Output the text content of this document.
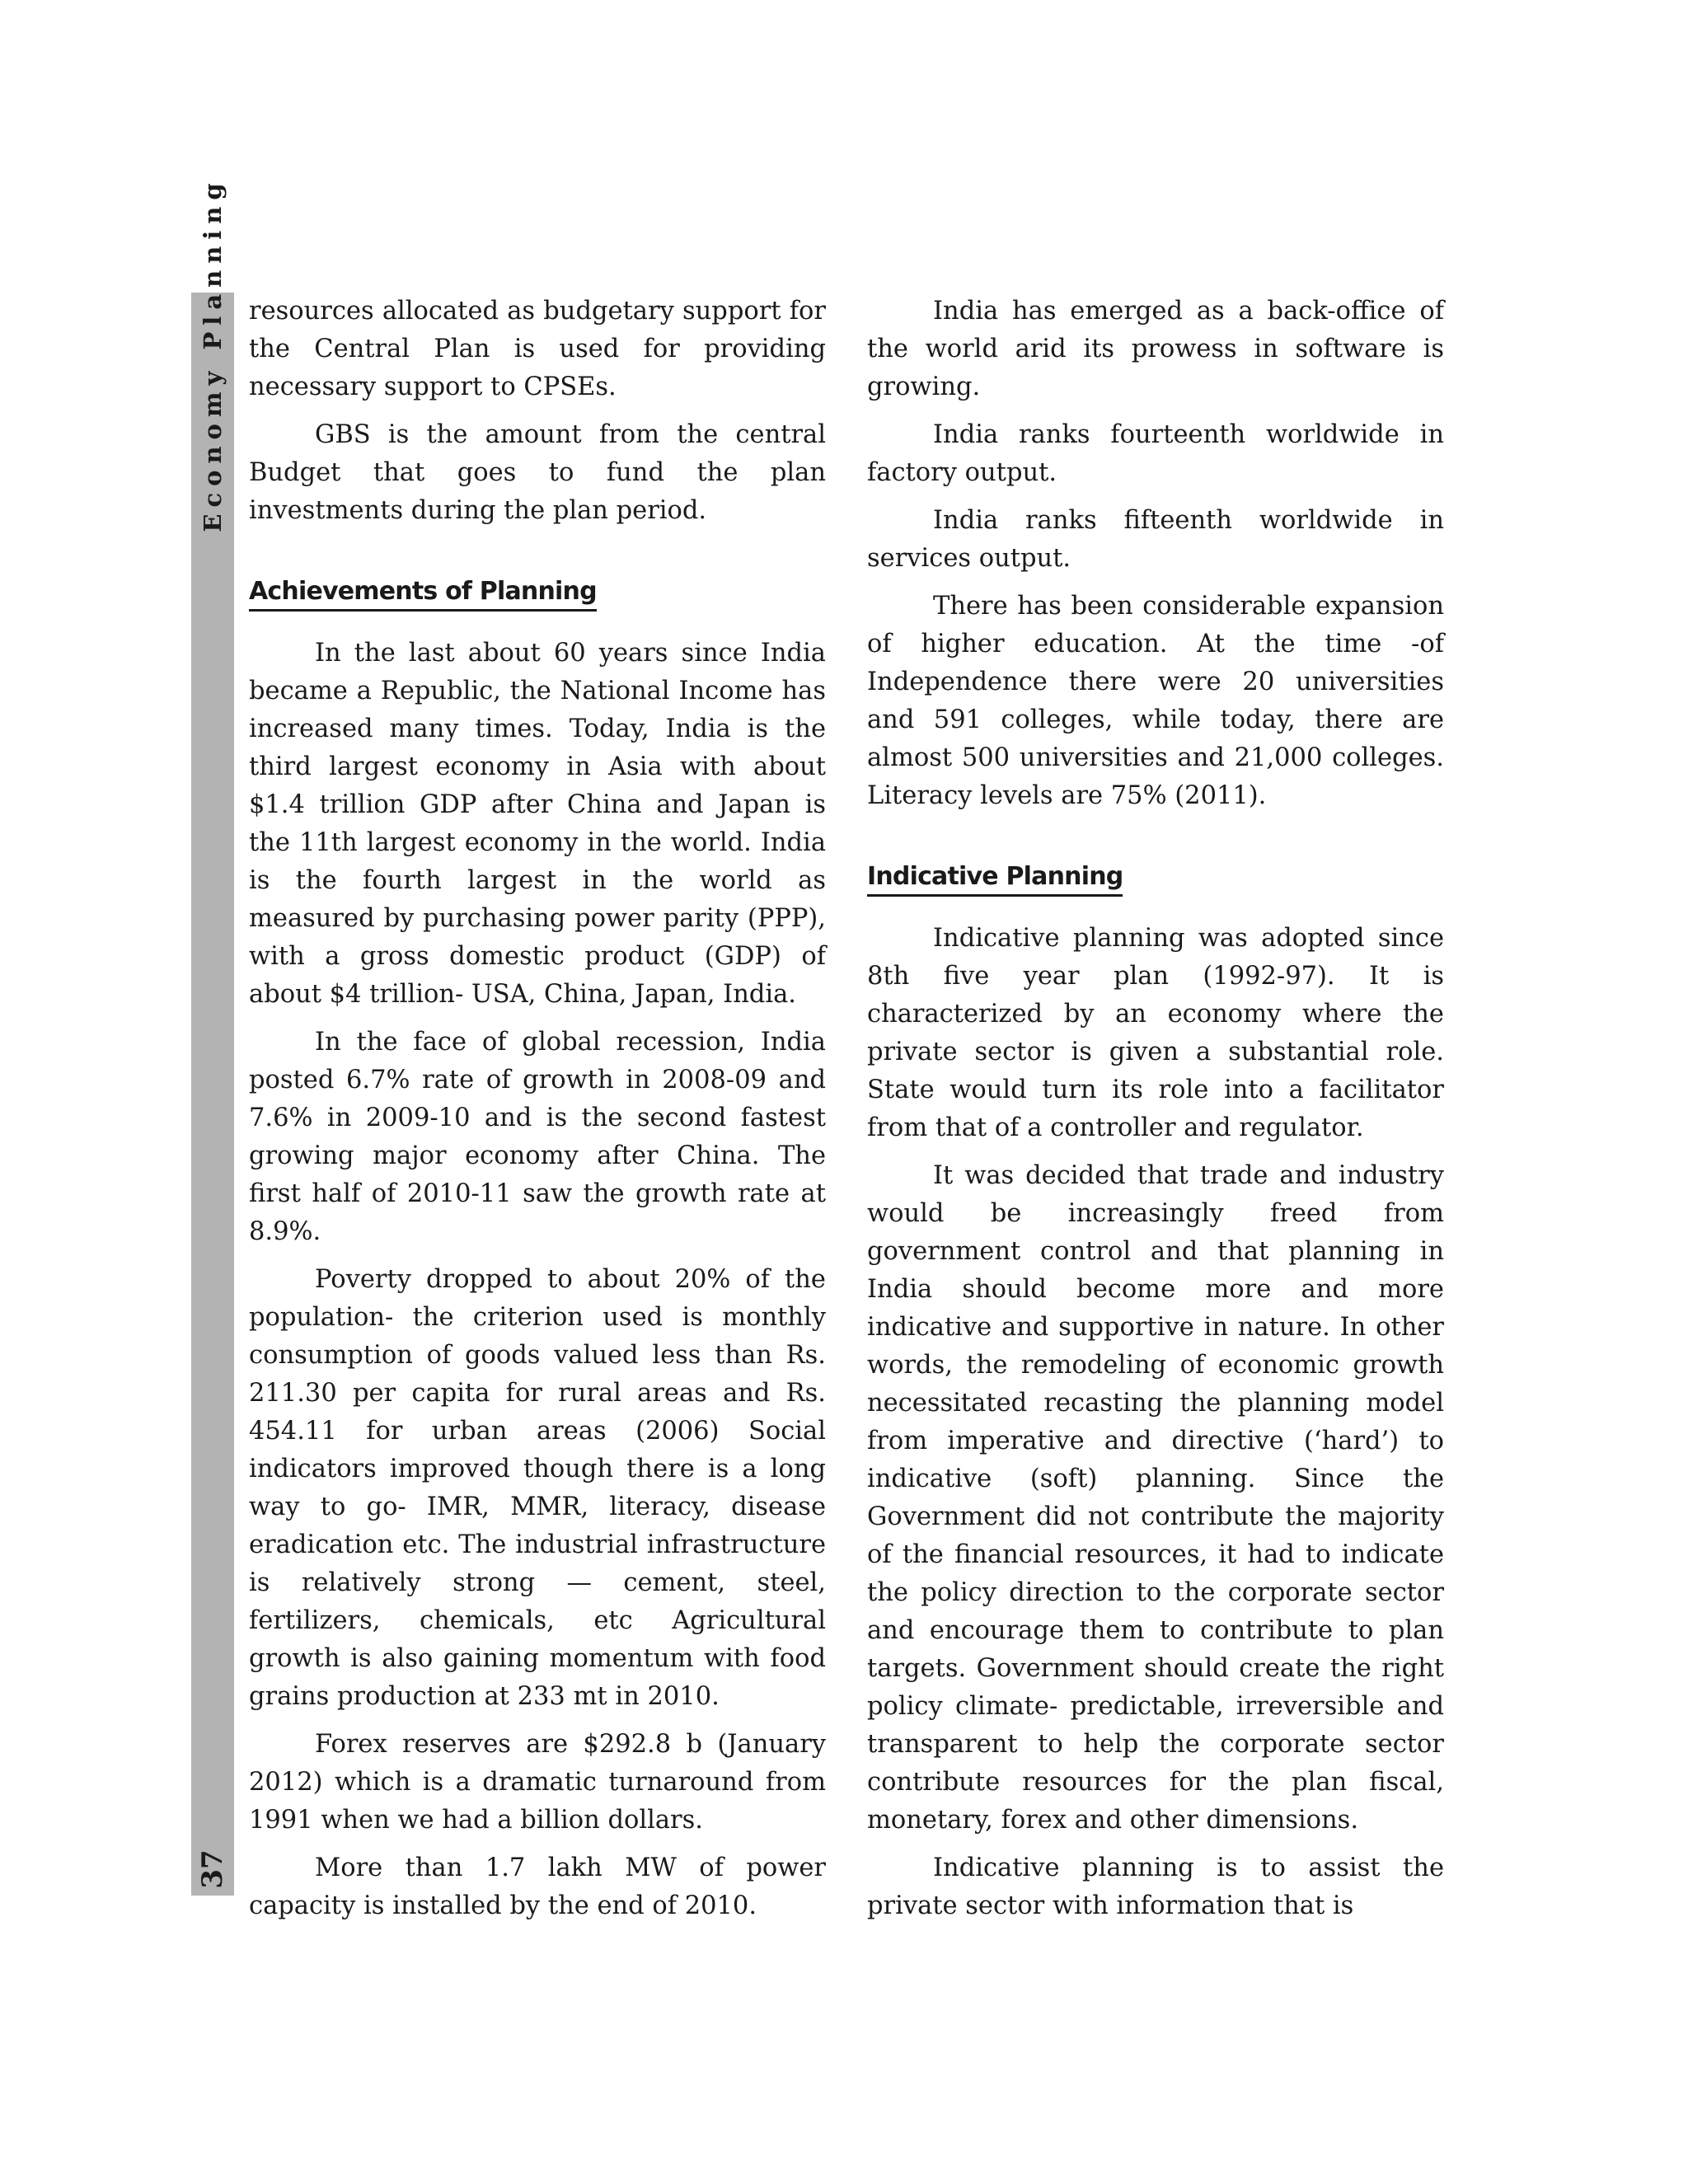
Economy Planning
37

resources allocated as budgetary support for the Central Plan is used for providing necessary support to CPSEs.

GBS is the amount from the central Budget that goes to fund the plan investments during the plan period.

Achievements of Planning

In the last about 60 years since India became a Republic, the National Income has increased many times. Today, India is the third largest economy in Asia with about $1.4 trillion GDP after China and Japan is the 11th largest economy in the world. India is the fourth largest in the world as measured by purchasing power parity (PPP), with a gross domestic product (GDP) of about $4 trillion- USA, China, Japan, India.

In the face of global recession, India posted 6.7% rate of growth in 2008-09 and 7.6% in 2009-10 and is the second fastest growing major economy after China. The first half of 2010-11 saw the growth rate at 8.9%.

Poverty dropped to about 20% of the population- the criterion used is monthly consumption of goods valued less than Rs. 211.30 per capita for rural areas and Rs. 454.11 for urban areas (2006) Social indicators improved though there is a long way to go- IMR, MMR, literacy, disease eradication etc. The industrial infrastructure is relatively strong — cement, steel, fertilizers, chemicals, etc Agricultural growth is also gaining momentum with food grains production at 233 mt in 2010.

Forex reserves are $292.8 b (January 2012) which is a dramatic turnaround from 1991 when we had a billion dollars.

More than 1.7 lakh MW of power capacity is installed by the end of 2010.

India has emerged as a back-office of the world arid its prowess in software is growing.

India ranks fourteenth worldwide in factory output.

India ranks fifteenth worldwide in services output.

There has been considerable expansion of higher education. At the time -of Independence there were 20 universities and 591 colleges, while today, there are almost 500 universities and 21,000 colleges. Literacy levels are 75% (2011).

Indicative Planning

Indicative planning was adopted since 8th five year plan (1992-97). It is characterized by an economy where the private sector is given a substantial role. State would turn its role into a facilitator from that of a controller and regulator.

It was decided that trade and industry would be increasingly freed from government control and that planning in India should become more and more indicative and supportive in nature. In other words, the remodeling of economic growth necessitated recasting the planning model from imperative and directive (‘hard’) to indicative (soft) planning. Since the Government did not contribute the majority of the financial resources, it had to indicate the policy direction to the corporate sector and encourage them to contribute to plan targets. Government should create the right policy climate- predictable, irreversible and transparent to help the corporate sector contribute resources for the plan fiscal, monetary, forex and other dimensions.

Indicative planning is to assist the private sector with information that is
